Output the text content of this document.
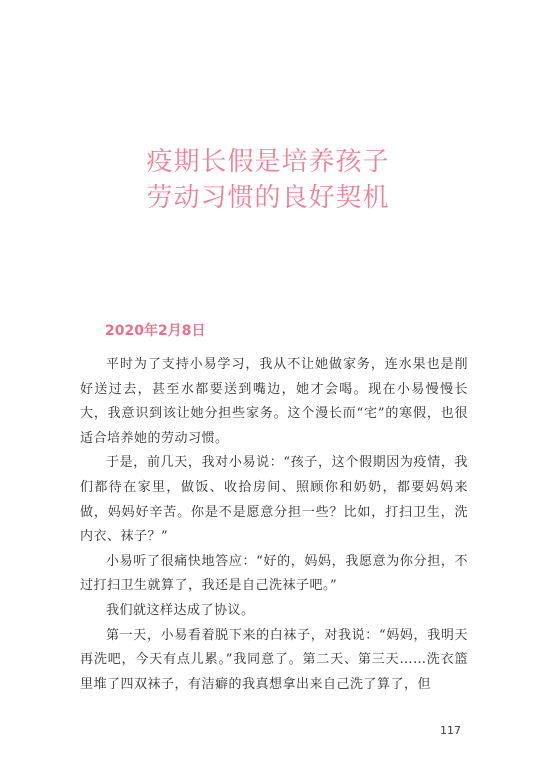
疫期长假是培养孩子
劳动习惯的良好契机
2020年2月8日

平时为了支持小易学习，我从不让她做家务，连水果也是削好送过去，甚至水都要送到嘴边，她才会喝。现在小易慢慢长大，我意识到该让她分担些家务。这个漫长而“宅”的寒假，也很适合培养她的劳动习惯。

于是，前几天，我对小易说：“孩子，这个假期因为疫情，我们都待在家里，做饭、收拾房间、照顾你和奶奶，都要妈妈来做，妈妈好辛苦。你是不是愿意分担一些？比如，打扫卫生，洗内衣、袜子？”

小易听了很痛快地答应：“好的，妈妈，我愿意为你分担，不过打扫卫生就算了，我还是自己洗袜子吧。”

我们就这样达成了协议。

第一天，小易看着脱下来的白袜子，对我说：“妈妈，我明天再洗吧，今天有点儿累。”我同意了。第二天、第三天……洗衣篮里堆了四双袜子，有洁癖的我真想拿出来自己洗了算了，但

117
